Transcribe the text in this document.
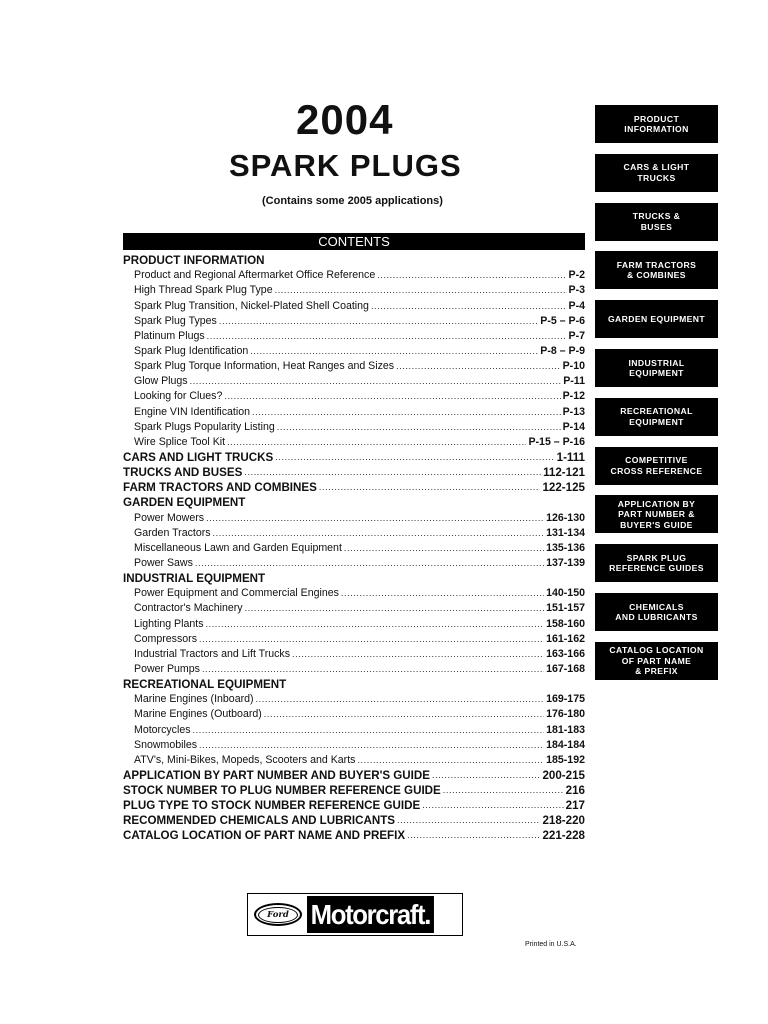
2004
SPARK PLUGS
(Contains some 2005 applications)
CONTENTS
PRODUCT INFORMATION
Product and Regional Aftermarket Office Reference .....	P-2
High Thread Spark Plug Type .....	P-3
Spark Plug Transition, Nickel-Plated Shell Coating .....	P-4
Spark Plug Types .....	P-5 – P-6
Platinum Plugs .....	P-7
Spark Plug Identification .....	P-8 – P-9
Spark Plug Torque Information, Heat Ranges and Sizes .....	P-10
Glow Plugs .....	P-11
Looking for Clues? .....	P-12
Engine VIN Identification .....	P-13
Spark Plugs Popularity Listing .....	P-14
Wire Splice Tool Kit .....	P-15 – P-16
CARS AND LIGHT TRUCKS .....	1-111
TRUCKS AND BUSES .....	112-121
FARM TRACTORS AND COMBINES .....	122-125
GARDEN EQUIPMENT
Power Mowers .....	126-130
Garden Tractors .....	131-134
Miscellaneous Lawn and Garden Equipment .....	135-136
Power Saws .....	137-139
INDUSTRIAL EQUIPMENT
Power Equipment and Commercial Engines .....	140-150
Contractor's Machinery .....	151-157
Lighting Plants .....	158-160
Compressors .....	161-162
Industrial Tractors and Lift Trucks .....	163-166
Power Pumps .....	167-168
RECREATIONAL EQUIPMENT
Marine Engines (Inboard) .....	169-175
Marine Engines (Outboard) .....	176-180
Motorcycles .....	181-183
Snowmobiles .....	184-184
ATV's, Mini-Bikes, Mopeds, Scooters and Karts .....	185-192
APPLICATION BY PART NUMBER AND BUYER'S GUIDE .....	200-215
STOCK NUMBER TO PLUG NUMBER REFERENCE GUIDE .....	216
PLUG TYPE TO STOCK NUMBER REFERENCE GUIDE .....	217
RECOMMENDED CHEMICALS AND LUBRICANTS .....	218-220
CATALOG LOCATION OF PART NAME AND PREFIX .....	221-228
PRODUCT
INFORMATION
CARS & LIGHT
TRUCKS
TRUCKS &
BUSES
FARM TRACTORS
& COMBINES
GARDEN EQUIPMENT
INDUSTRIAL
EQUIPMENT
RECREATIONAL
EQUIPMENT
COMPETITIVE
CROSS REFERENCE
APPLICATION BY
PART NUMBER &
BUYER'S GUIDE
SPARK PLUG
REFERENCE GUIDES
CHEMICALS
AND LUBRICANTS
CATALOG LOCATION
OF PART NAME
& PREFIX
Ford Motorcraft.
Printed in U.S.A.
